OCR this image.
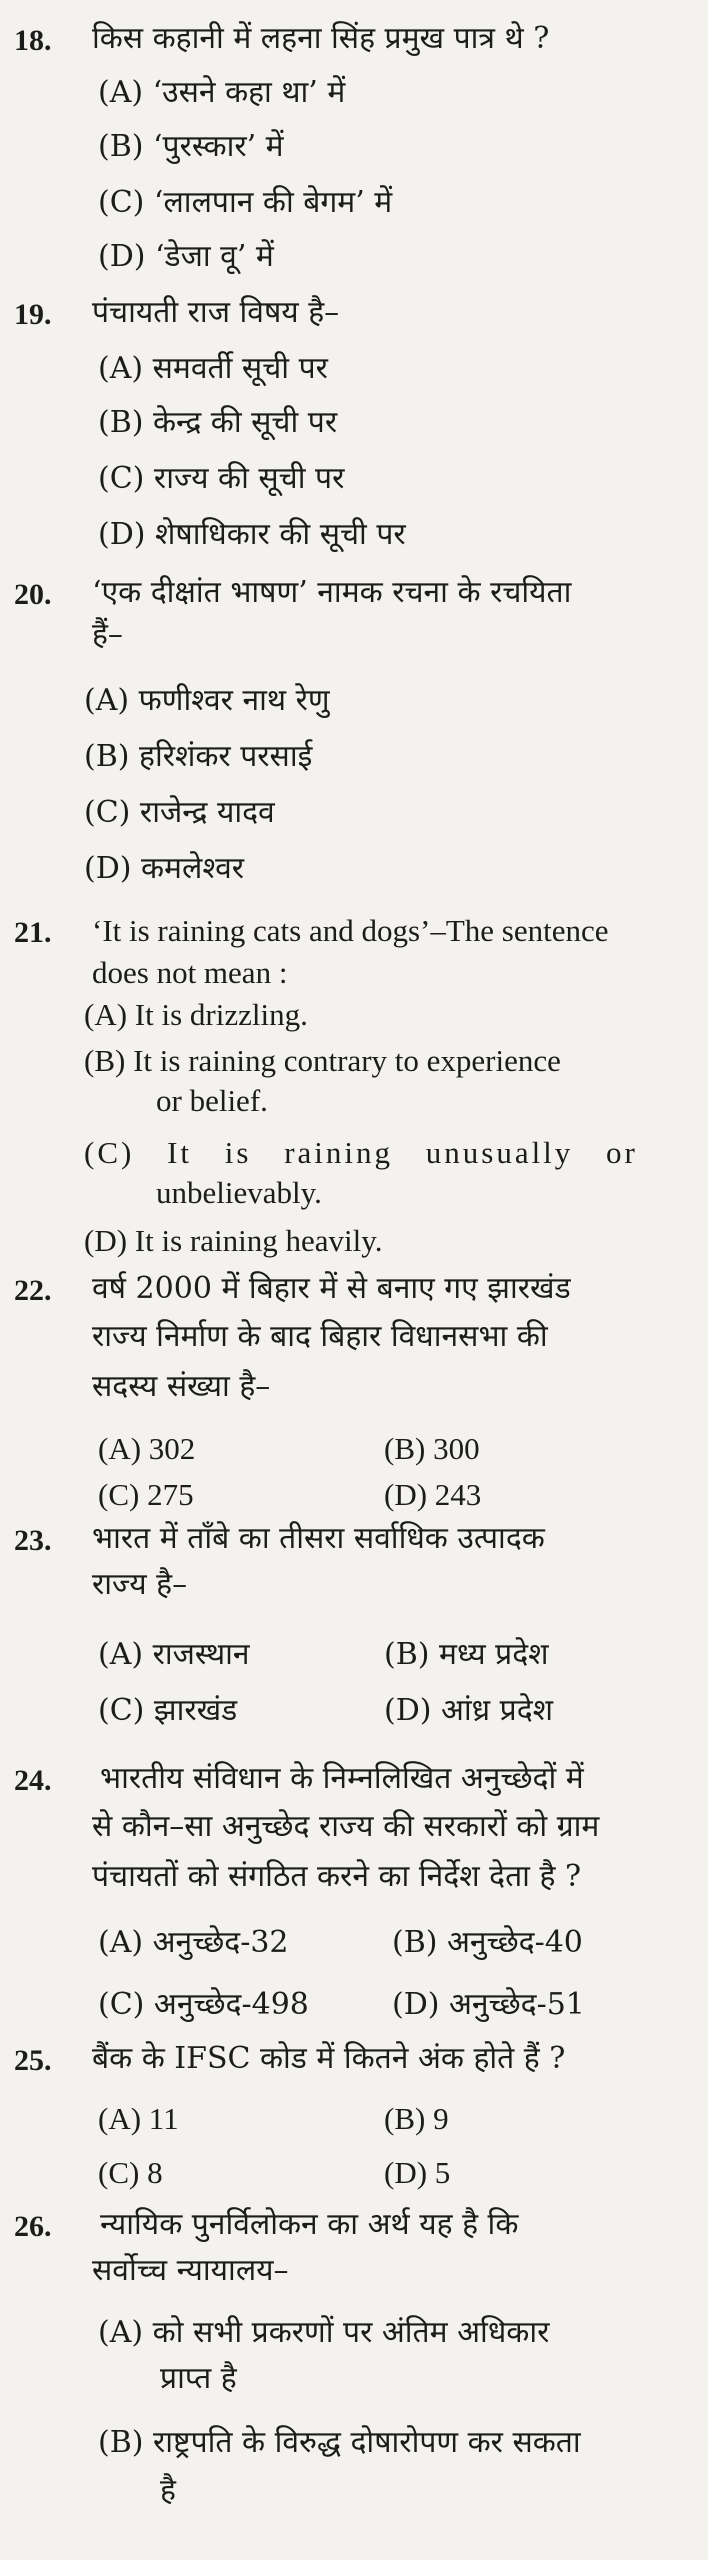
18. किस कहानी में लहना सिंह प्रमुख पात्र थे ?
(A) ‘उसने कहा था’ में
(B) ‘पुरस्कार’ में
(C) ‘लालपान की बेगम’ में
(D) ‘डेजा वू’ में
19. पंचायती राज विषय है–
(A) समवर्ती सूची पर
(B) केन्द्र की सूची पर
(C) राज्य की सूची पर
(D) शेषाधिकार की सूची पर
20. ‘एक दीक्षांत भाषण’ नामक रचना के रचयिता
हैं–
(A) फणीश्वर नाथ रेणु
(B) हरिशंकर परसाई
(C) राजेन्द्र यादव
(D) कमलेश्वर
21. ‘It is raining cats and dogs’–The sentence
does not mean :
(A) It is drizzling.
(B) It is raining contrary to experience
or belief.
(C) It is raining unusually or
unbelievably.
(D) It is raining heavily.
22. वर्ष 2000 में बिहार में से बनाए गए झारखंड
राज्य निर्माण के बाद बिहार विधानसभा की
सदस्य संख्या है–
(A) 302	(B) 300
(C) 275	(D) 243
23. भारत में ताँबे का तीसरा सर्वाधिक उत्पादक
राज्य है–
(A) राजस्थान	(B) मध्य प्रदेश
(C) झारखंड	(D) आंध्र प्रदेश
24. भारतीय संविधान के निम्नलिखित अनुच्छेदों में
से कौन–सा अनुच्छेद राज्य की सरकारों को ग्राम
पंचायतों को संगठित करने का निर्देश देता है ?
(A) अनुच्छेद-32	(B) अनुच्छेद-40
(C) अनुच्छेद-498	(D) अनुच्छेद-51
25. बैंक के IFSC कोड में कितने अंक होते हैं ?
(A) 11	(B) 9
(C) 8	(D) 5
26. न्यायिक पुनर्विलोकन का अर्थ यह है कि
सर्वोच्च न्यायालय–
(A) को सभी प्रकरणों पर अंतिम अधिकार
प्राप्त है
(B) राष्ट्रपति के विरुद्ध दोषारोपण कर सकता
है
